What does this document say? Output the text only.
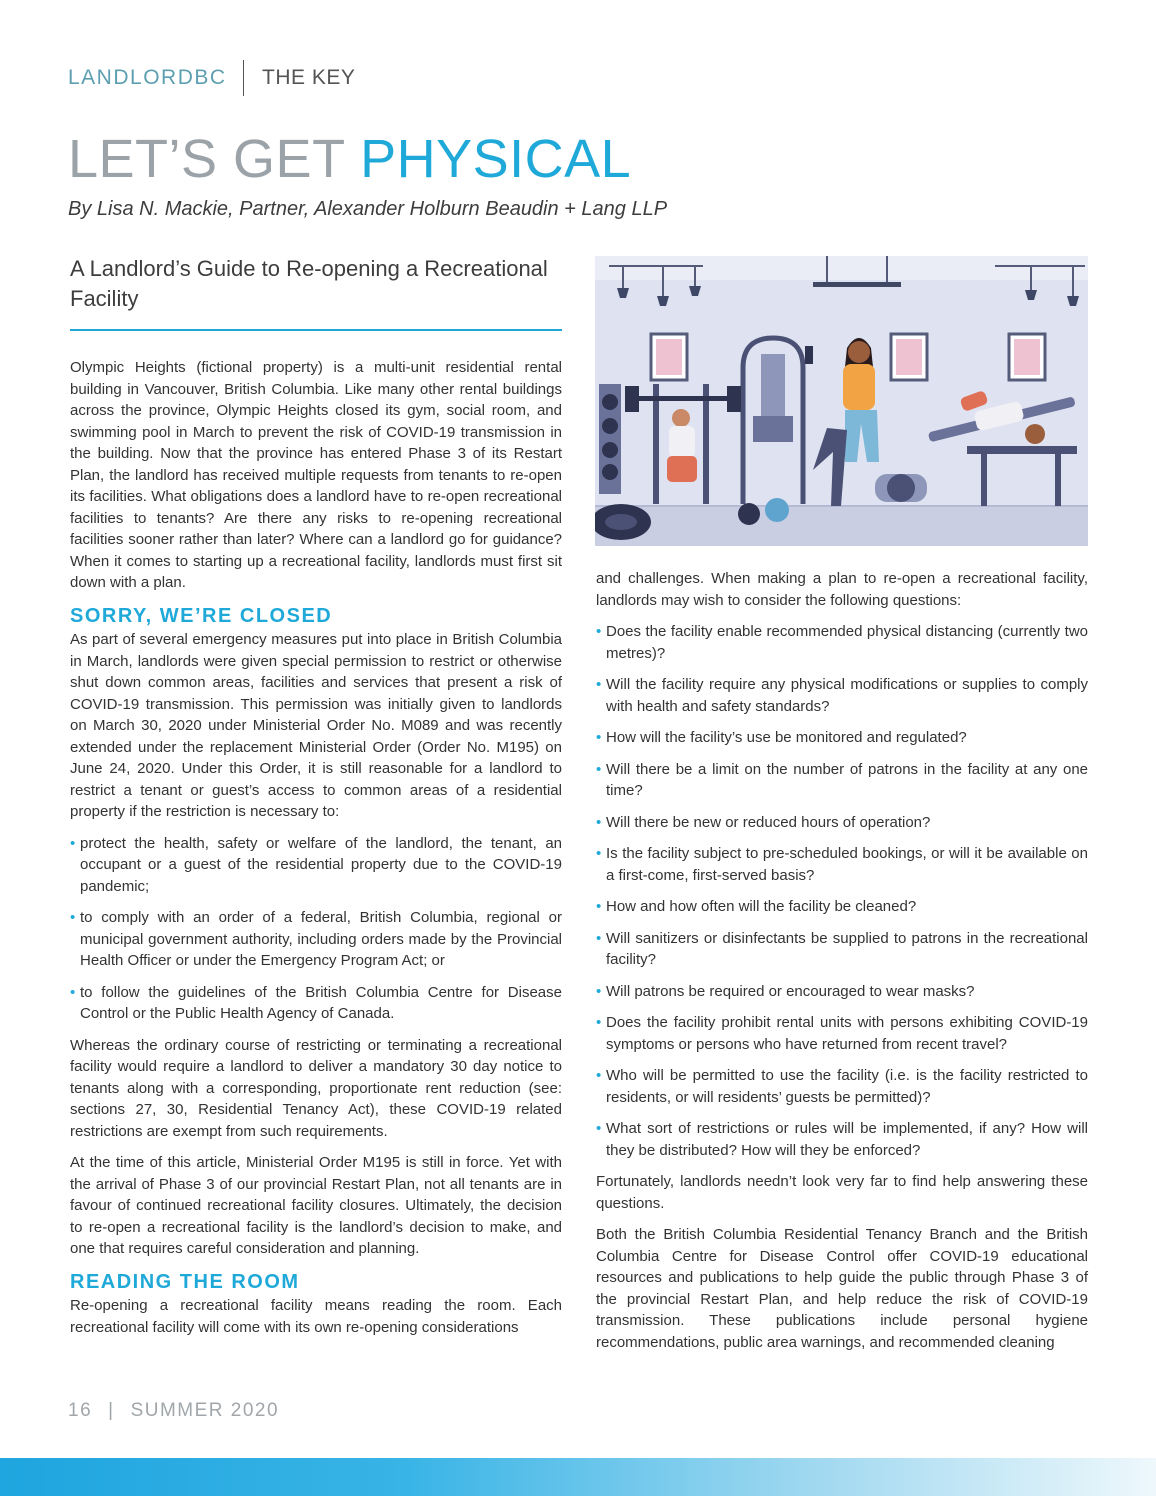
LANDLORDBC THE KEY
LET’S GET PHYSICAL

By Lisa N. Mackie, Partner, Alexander Holburn Beaudin + Lang LLP

A Landlord’s Guide to Re-opening a Recreational Facility

Olympic Heights (fictional property) is a multi-unit residential rental building in Vancouver, British Columbia. Like many other rental buildings across the province, Olympic Heights closed its gym, social room, and swimming pool in March to prevent the risk of COVID-19 transmission in the building. Now that the province has entered Phase 3 of its Restart Plan, the landlord has received multiple requests from tenants to re-open its facilities. What obligations does a landlord have to re-open recreational facilities to tenants? Are there any risks to re-opening recreational facilities sooner rather than later? Where can a landlord go for guidance? When it comes to starting up a recreational facility, landlords must first sit down with a plan.

SORRY, WE’RE CLOSED

As part of several emergency measures put into place in British Columbia in March, landlords were given special permission to restrict or otherwise shut down common areas, facilities and services that present a risk of COVID-19 transmission. This permission was initially given to landlords on March 30, 2020 under Ministerial Order No. M089 and was recently extended under the replacement Ministerial Order (Order No. M195) on June 24, 2020. Under this Order, it is still reasonable for a landlord to restrict a tenant or guest’s access to common areas of a residential property if the restriction is necessary to:

• protect the health, safety or welfare of the landlord, the tenant, an occupant or a guest of the residential property due to the COVID-19 pandemic;
• to comply with an order of a federal, British Columbia, regional or municipal government authority, including orders made by the Provincial Health Officer or under the Emergency Program Act; or
• to follow the guidelines of the British Columbia Centre for Disease Control or the Public Health Agency of Canada.

Whereas the ordinary course of restricting or terminating a recreational facility would require a landlord to deliver a mandatory 30 day notice to tenants along with a corresponding, proportionate rent reduction (see: sections 27, 30, Residential Tenancy Act), these COVID-19 related restrictions are exempt from such requirements.

At the time of this article, Ministerial Order M195 is still in force. Yet with the arrival of Phase 3 of our provincial Restart Plan, not all tenants are in favour of continued recreational facility closures. Ultimately, the decision to re-open a recreational facility is the landlord’s decision to make, and one that requires careful consideration and planning.

READING THE ROOM

Re-opening a recreational facility means reading the room. Each recreational facility will come with its own re-opening considerations

and challenges. When making a plan to re-open a recreational facility, landlords may wish to consider the following questions:

• Does the facility enable recommended physical distancing (currently two metres)?
• Will the facility require any physical modifications or supplies to comply with health and safety standards?
• How will the facility’s use be monitored and regulated?
• Will there be a limit on the number of patrons in the facility at any one time?
• Will there be new or reduced hours of operation?
• Is the facility subject to pre-scheduled bookings, or will it be available on a first-come, first-served basis?
• How and how often will the facility be cleaned?
• Will sanitizers or disinfectants be supplied to patrons in the recreational facility?
• Will patrons be required or encouraged to wear masks?
• Does the facility prohibit rental units with persons exhibiting COVID-19 symptoms or persons who have returned from recent travel?
• Who will be permitted to use the facility (i.e. is the facility restricted to residents, or will residents’ guests be permitted)?
• What sort of restrictions or rules will be implemented, if any? How will they be distributed? How will they be enforced?

Fortunately, landlords needn’t look very far to find help answering these questions.

Both the British Columbia Residential Tenancy Branch and the British Columbia Centre for Disease Control offer COVID-19 educational resources and publications to help guide the public through Phase 3 of the provincial Restart Plan, and help reduce the risk of COVID-19 transmission. These publications include personal hygiene recommendations, public area warnings, and recommended cleaning

16 | SUMMER 2020
